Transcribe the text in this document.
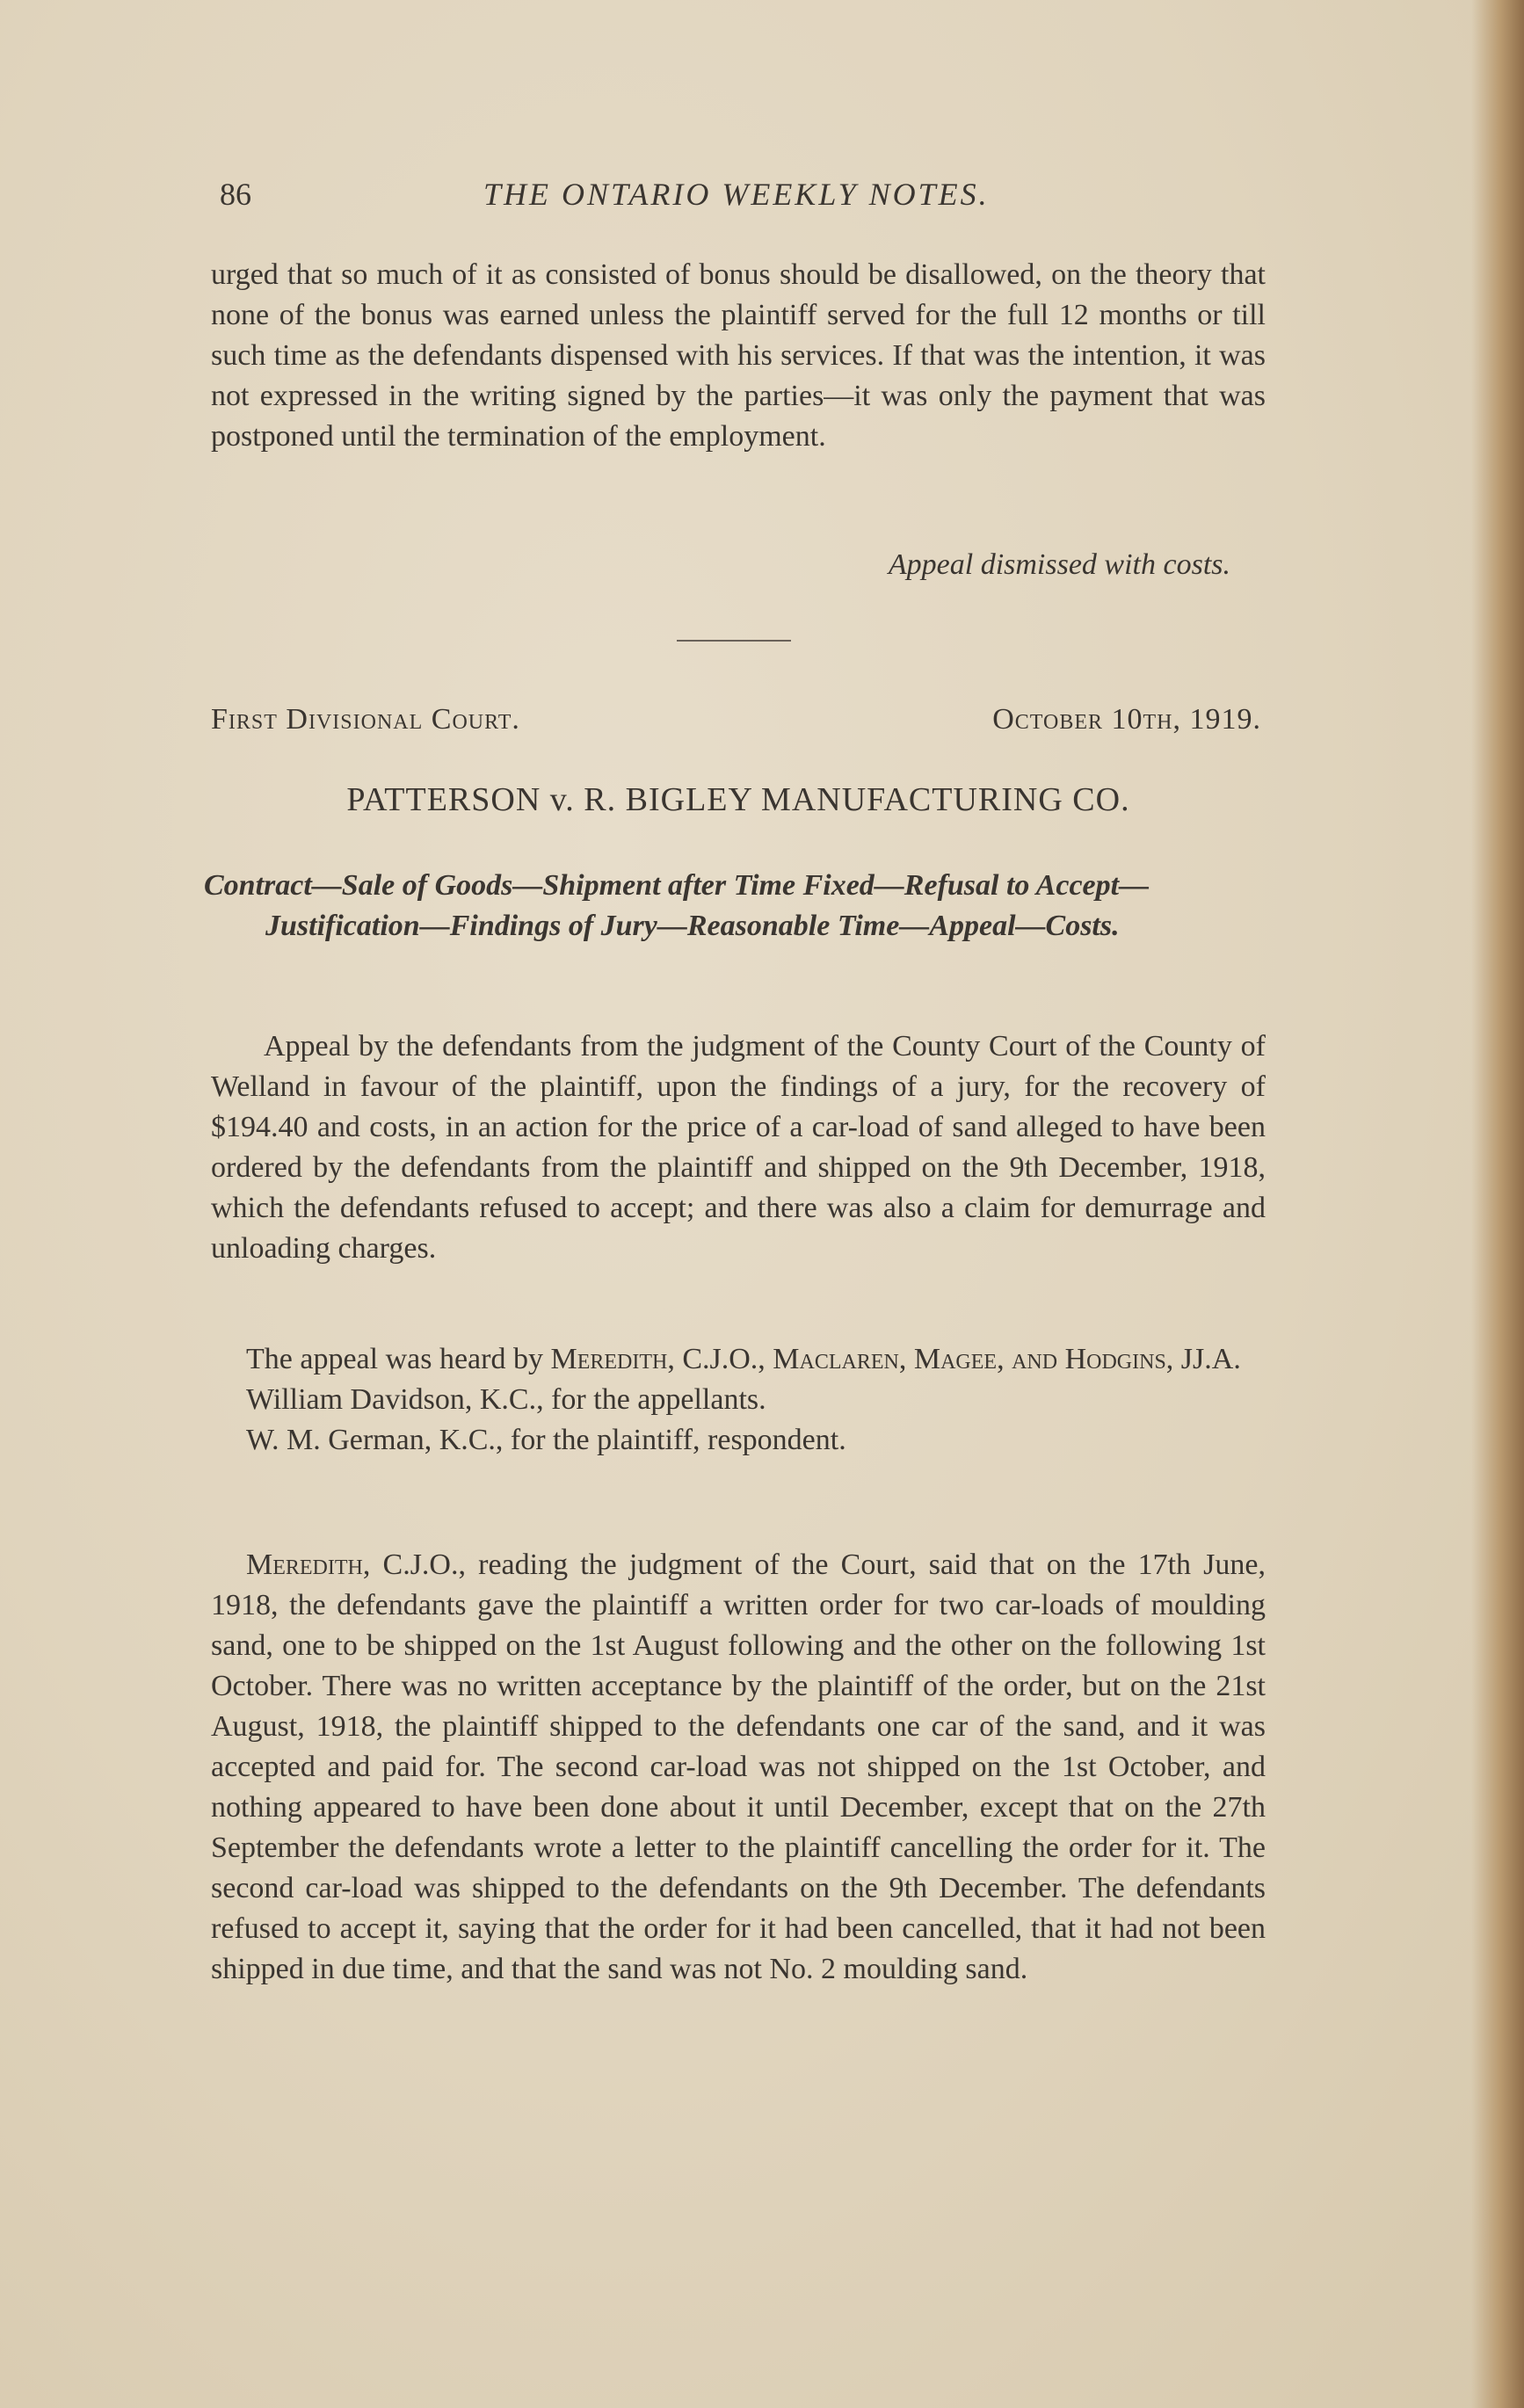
86	THE ONTARIO WEEKLY NOTES.

urged that so much of it as consisted of bonus should be disallowed, on the theory that none of the bonus was earned unless the plaintiff served for the full 12 months or till such time as the defendants dispensed with his services. If that was the intention, it was not expressed in the writing signed by the parties—it was only the payment that was postponed until the termination of the employment.

Appeal dismissed with costs.
First Divisional Court.	October 10th, 1919.
PATTERSON v. R. BIGLEY MANUFACTURING CO.
Contract—Sale of Goods—Shipment after Time Fixed—Refusal to Accept—Justification—Findings of Jury—Reasonable Time—Appeal—Costs.
Appeal by the defendants from the judgment of the County Court of the County of Welland in favour of the plaintiff, upon the findings of a jury, for the recovery of $194.40 and costs, in an action for the price of a car-load of sand alleged to have been ordered by the defendants from the plaintiff and shipped on the 9th December, 1918, which the defendants refused to accept; and there was also a claim for demurrage and unloading charges.

The appeal was heard by Meredith, C.J.O., Maclaren, Magee, and Hodgins, JJ.A.

William Davidson, K.C., for the appellants.

W. M. German, K.C., for the plaintiff, respondent.

Meredith, C.J.O., reading the judgment of the Court, said that on the 17th June, 1918, the defendants gave the plaintiff a written order for two car-loads of moulding sand, one to be shipped on the 1st August following and the other on the following 1st October. There was no written acceptance by the plaintiff of the order, but on the 21st August, 1918, the plaintiff shipped to the defendants one car of the sand, and it was accepted and paid for. The second car-load was not shipped on the 1st October, and nothing appeared to have been done about it until December, except that on the 27th September the defendants wrote a letter to the plaintiff cancelling the order for it. The second car-load was shipped to the defendants on the 9th December. The defendants refused to accept it, saying that the order for it had been cancelled, that it had not been shipped in due time, and that the sand was not No. 2 moulding sand.
